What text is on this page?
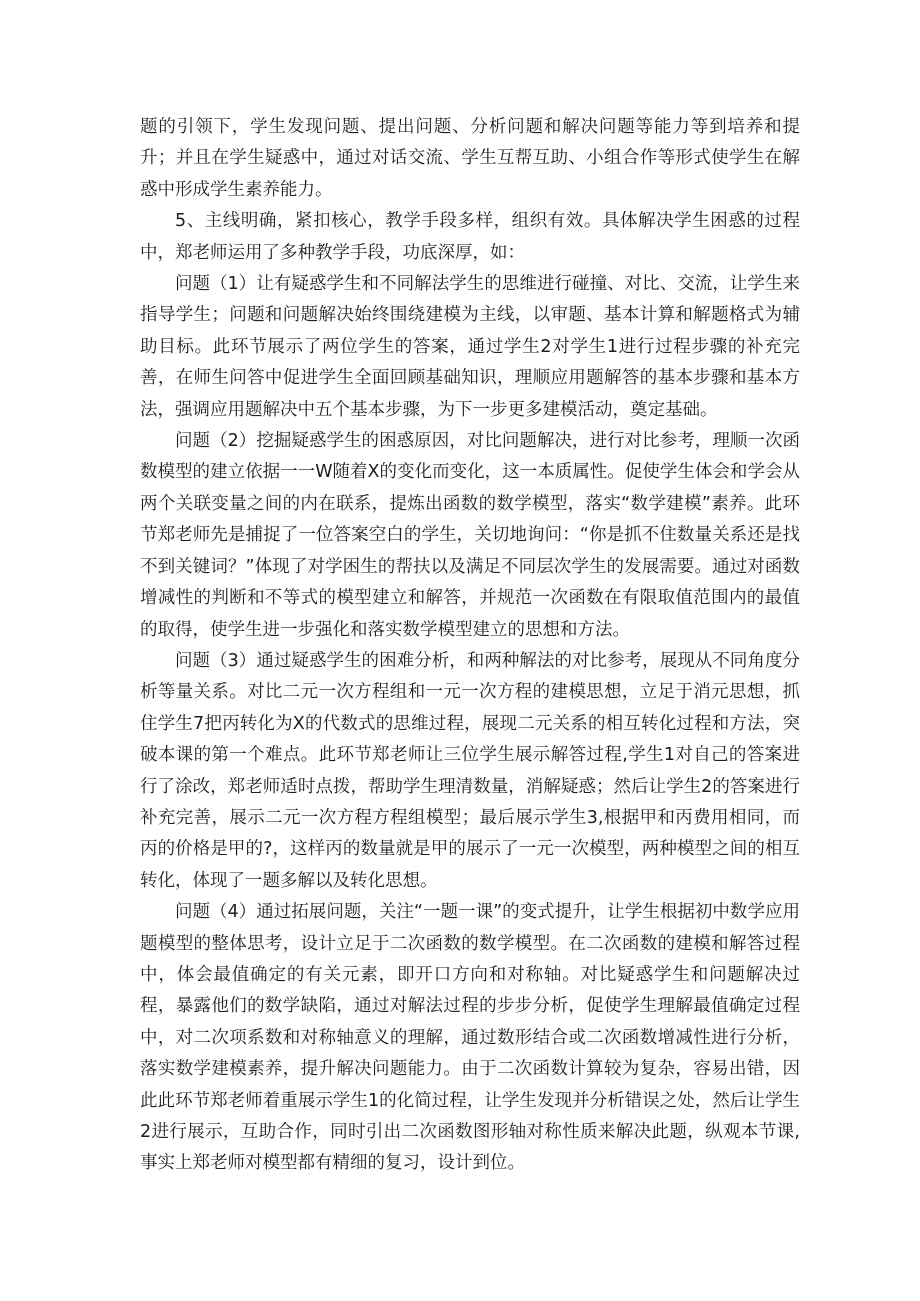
题的引领下，学生发现问题、提出问题、分析问题和解决问题等能力等到培养和提升；并且在学生疑惑中，通过对话交流、学生互帮互助、小组合作等形式使学生在解惑中形成学生素养能力。

5、主线明确，紧扣核心，教学手段多样，组织有效。具体解决学生困惑的过程中，郑老师运用了多种教学手段，功底深厚，如：

问题（1）让有疑惑学生和不同解法学生的思维进行碰撞、对比、交流，让学生来指导学生；问题和问题解决始终围绕建模为主线，以审题、基本计算和解题格式为辅助目标。此环节展示了两位学生的答案，通过学生2对学生1进行过程步骤的补充完善，在师生问答中促进学生全面回顾基础知识，理顺应用题解答的基本步骤和基本方法，强调应用题解决中五个基本步骤，为下一步更多建模活动，奠定基础。

问题（2）挖掘疑惑学生的困惑原因，对比问题解决，进行对比参考，理顺一次函数模型的建立依据一一W随着X的变化而变化，这一本质属性。促使学生体会和学会从两个关联变量之间的内在联系，提炼出函数的数学模型，落实“数学建模”素养。此环节郑老师先是捕捉了一位答案空白的学生，关切地询问：“你是抓不住数量关系还是找不到关键词？”体现了对学困生的帮扶以及满足不同层次学生的发展需要。通过对函数增减性的判断和不等式的模型建立和解答，并规范一次函数在有限取值范围内的最值的取得，使学生进一步强化和落实数学模型建立的思想和方法。

问题（3）通过疑惑学生的困难分析，和两种解法的对比参考，展现从不同角度分析等量关系。对比二元一次方程组和一元一次方程的建模思想，立足于消元思想，抓住学生7把丙转化为X的代数式的思维过程，展现二元关系的相互转化过程和方法，突破本课的第一个难点。此环节郑老师让三位学生展示解答过程,学生1对自己的答案进行了涂改，郑老师适时点拨，帮助学生理清数量，消解疑惑；然后让学生2的答案进行补充完善，展示二元一次方程方程组模型；最后展示学生3,根据甲和丙费用相同，而丙的价格是甲的?，这样丙的数量就是甲的展示了一元一次模型，两种模型之间的相互转化，体现了一题多解以及转化思想。

问题（4）通过拓展问题，关注“一题一课”的变式提升，让学生根据初中数学应用题模型的整体思考，设计立足于二次函数的数学模型。在二次函数的建模和解答过程中，体会最值确定的有关元素，即开口方向和对称轴。对比疑惑学生和问题解决过程，暴露他们的数学缺陷，通过对解法过程的步步分析，促使学生理解最值确定过程中，对二次项系数和对称轴意义的理解，通过数形结合或二次函数增减性进行分析，落实数学建模素养，提升解决问题能力。由于二次函数计算较为复杂，容易出错，因此此环节郑老师着重展示学生1的化简过程，让学生发现并分析错误之处，然后让学生2进行展示，互助合作，同时引出二次函数图形轴对称性质来解决此题，纵观本节课,事实上郑老师对模型都有精细的复习，设计到位。
